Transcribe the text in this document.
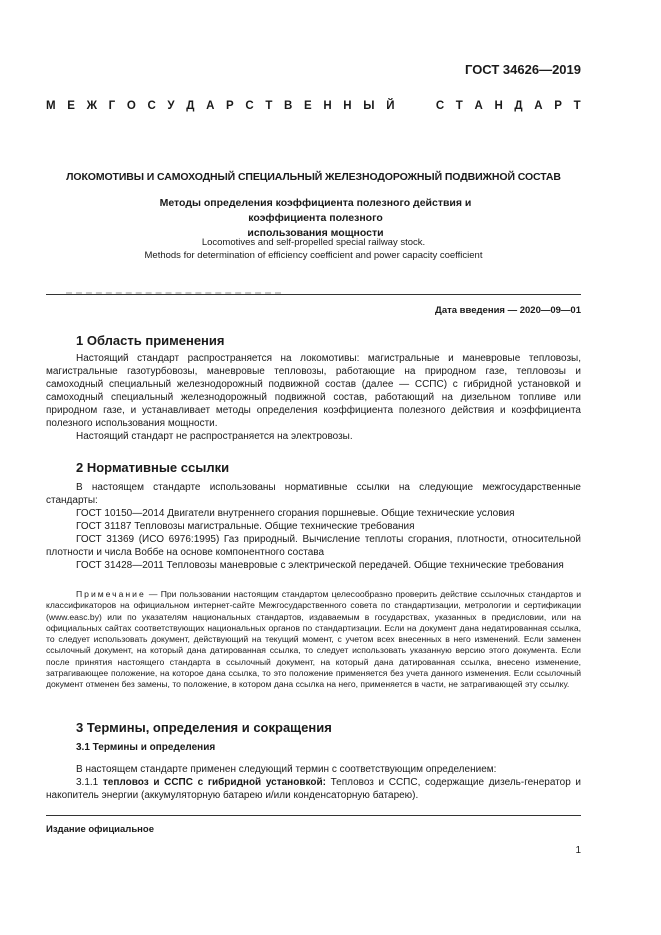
ГОСТ 34626—2019
М Е Ж Г О С У Д А Р С Т В Е Н Н Ы Й

	С Т А Н Д А Р Т
ЛОКОМОТИВЫ И САМОХОДНЫЙ СПЕЦИАЛЬНЫЙ ЖЕЛЕЗНОДОРОЖНЫЙ ПОДВИЖНОЙ СОСТАВ
Методы определения коэффициента полезного действия и коэффициента полезного
использования мощности
Locomotives and self-propelled special railway stock.
Methods for determination of efficiency coefficient and power capacity coefficient
Дата введения — 2020—09—01
1 Область применения
Настоящий стандарт распространяется на локомотивы: магистральные и маневровые тепловозы, магистральные газотурбовозы, маневровые тепловозы, работающие на природном газе, тепловозы и самоходный специальный железнодорожный подвижной состав (далее — ССПС) с гибридной установкой и самоходный специальный железнодорожный подвижной состав, работающий на дизельном топливе или природном газе, и устанавливает методы определения коэффициента полезного действия и коэффициента полезного использования мощности.
Настоящий стандарт не распространяется на электровозы.
2 Нормативные ссылки
В настоящем стандарте использованы нормативные ссылки на следующие межгосударственные стандарты:
ГОСТ 10150—2014 Двигатели внутреннего сгорания поршневые. Общие технические условия
ГОСТ 31187 Тепловозы магистральные. Общие технические требования
ГОСТ 31369 (ИСО 6976:1995) Газ природный. Вычисление теплоты сгорания, плотности, относительной плотности и числа Воббе на основе компонентного состава
ГОСТ 31428—2011 Тепловозы маневровые с электрической передачей. Общие технические требования
Примечание — При пользовании настоящим стандартом целесообразно проверить действие ссылочных стандартов и классификаторов на официальном интернет-сайте Межгосударственного совета по стандартизации, метрологии и сертификации (www.easc.by) или по указателям национальных стандартов, издаваемым в государствах, указанных в предисловии, или на официальных сайтах соответствующих национальных органов по стандартизации. Если на документ дана недатированная ссылка, то следует использовать документ, действующий на текущий момент, с учетом всех внесенных в него изменений. Если заменен ссылочный документ, на который дана датированная ссылка, то следует использовать указанную версию этого документа. Если после принятия настоящего стандарта в ссылочный документ, на который дана датированная ссылка, внесено изменение, затрагивающее положение, на которое дана ссылка, то это положение применяется без учета данного изменения. Если ссылочный документ отменен без замены, то положение, в котором дана ссылка на него, применяется в части, не затрагивающей эту ссылку.
3 Термины, определения и сокращения
3.1 Термины и определения
В настоящем стандарте применен следующий термин с соответствующим определением:
3.1.1 тепловоз и ССПС с гибридной установкой: Тепловоз и ССПС, содержащие дизель-генератор и накопитель энергии (аккумуляторную батарею и/или конденсаторную батарею).
Издание официальное
1
